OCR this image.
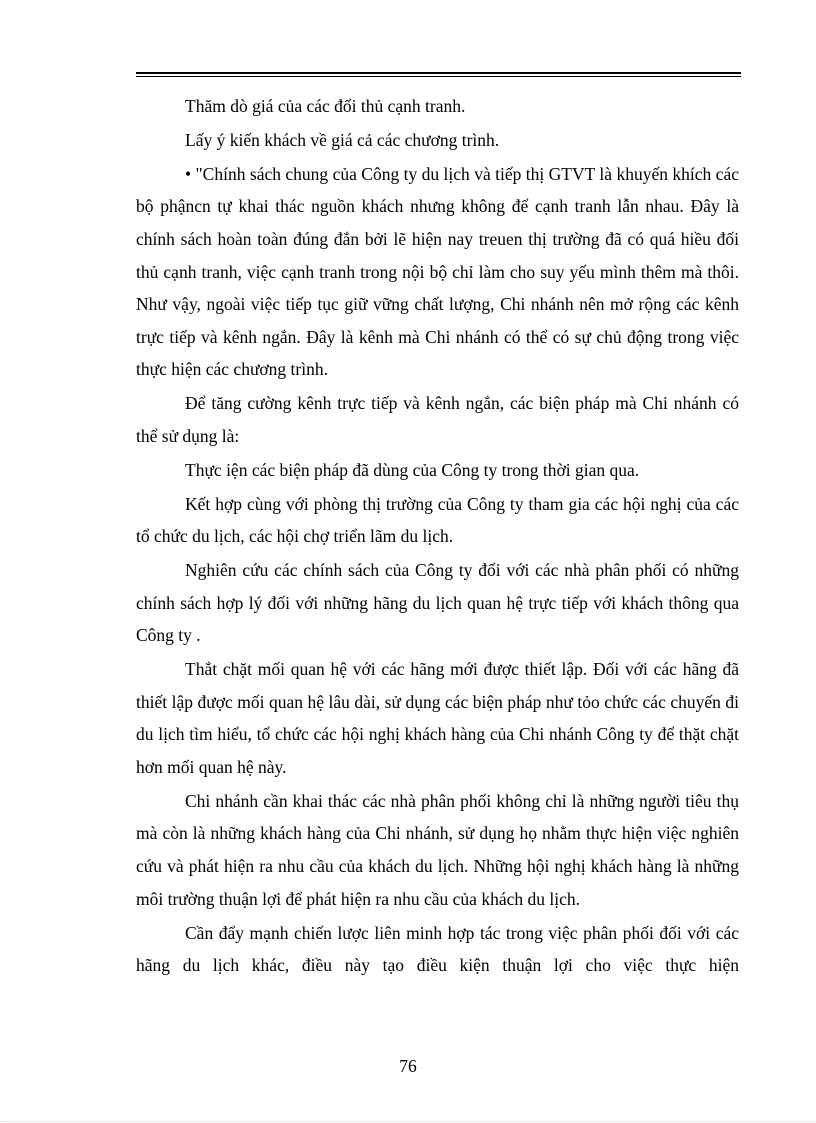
Thăm dò giá của các đối thủ cạnh tranh.

Lấy ý kiến khách về giá cả các chương trình.

• "Chính sách chung của Công ty du lịch và tiếp thị GTVT là khuyến khích các bộ phậncn tự khai thác nguồn khách nhưng không để cạnh tranh lẫn nhau. Đây là chính sách hoàn toàn đúng đắn bởi lẽ hiện nay treuen thị trường đã có quá hiều đối thủ cạnh tranh, việc cạnh tranh trong nội bộ chỉ làm cho suy yếu mình thêm mà thôi. Như vậy, ngoài việc tiếp tục giữ vững chất lượng, Chi nhánh nên mở rộng các kênh trực tiếp và kênh ngắn. Đây là kênh mà Chi nhánh có thể có sự chủ động trong việc thực hiện các chương trình.

Để tăng cường kênh trực tiếp và kênh ngắn, các biện pháp mà Chi nhánh có thể sử dụng là:

Thực iện các biện pháp đã dùng của Công ty trong thời gian qua.

Kết hợp cùng với phòng thị trường của Công ty tham gia các hội nghị của các tổ chức du lịch, các hội chợ triển lãm du lịch.

Nghiên cứu các chính sách của Công ty đối với các nhà phân phối có những chính sách hợp lý đối với những hãng du lịch quan hệ trực tiếp với khách thông qua Công ty .

Thắt chặt mối quan hệ với các hãng mới được thiết lập. Đối với các hãng đã thiết lập được mối quan hệ lâu dài, sử dụng các biện pháp như tỏo chức các chuyến đi du lịch tìm hiểu, tổ chức các hội nghị khách hàng của Chi nhánh Công ty để thặt chặt hơn mối quan hệ này.

Chi nhánh cần khai thác các nhà phân phối không chỉ là những người tiêu thụ mà còn là những khách hàng của Chi nhánh, sử dụng họ nhằm thực hiện việc nghiên cứu và phát hiện ra nhu cầu của khách du lịch. Những hội nghị khách hàng là những môi trường thuận lợi để phát hiện ra nhu cầu của khách du lịch.

Cần đẩy mạnh chiến lược liên minh hợp tác trong việc phân phối đối với các hãng du lịch khác, điều này tạo điều kiện thuận lợi cho việc thực hiện

76
